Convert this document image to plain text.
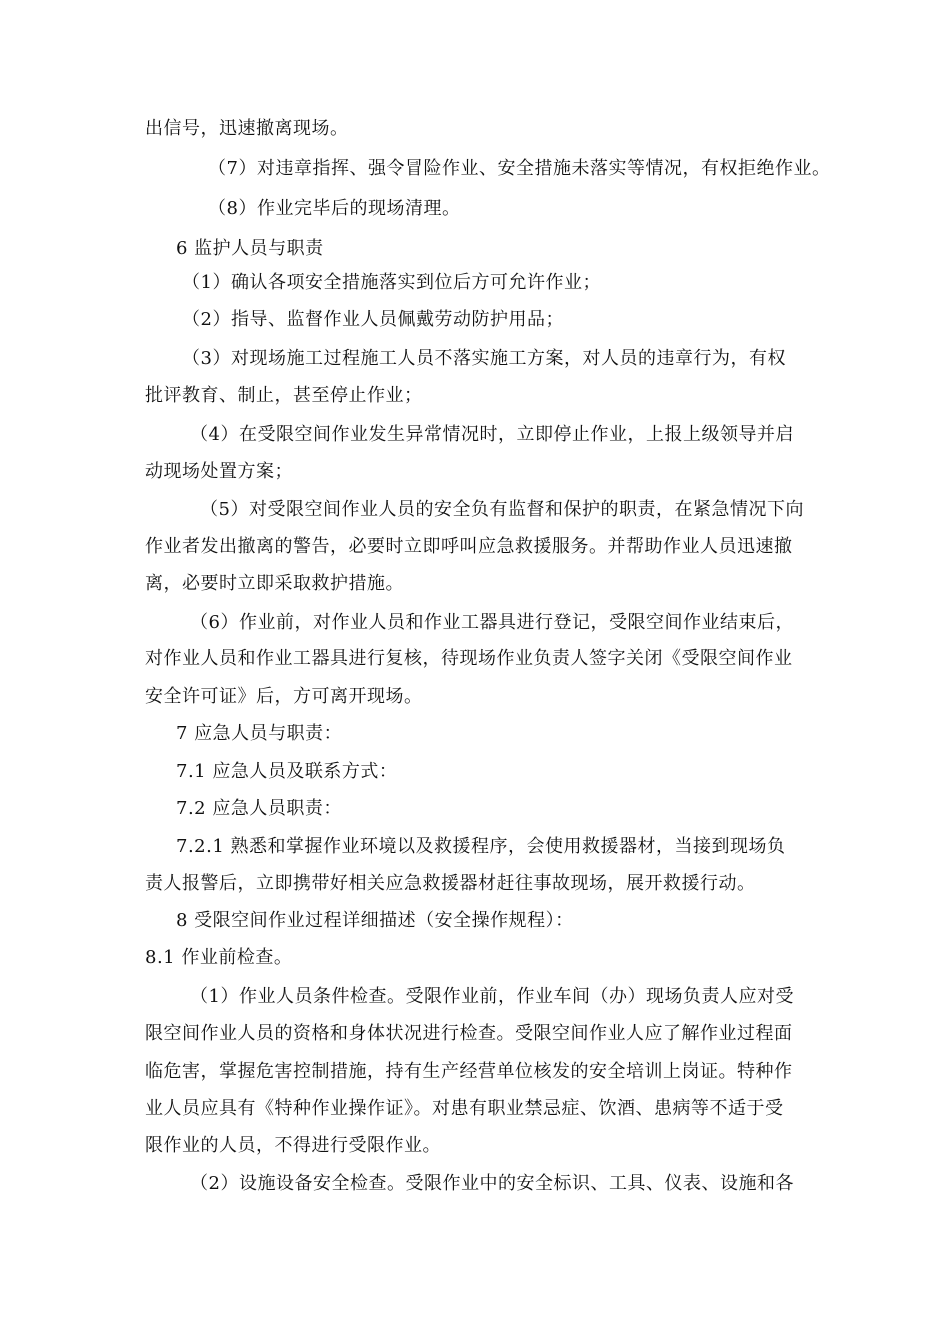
出信号，迅速撤离现场。
（7）对违章指挥、强令冒险作业、安全措施未落实等情况，有权拒绝作业。
（8）作业完毕后的现场清理。
6 监护人员与职责
（1）确认各项安全措施落实到位后方可允许作业；
（2）指导、监督作业人员佩戴劳动防护用品；
（3）对现场施工过程施工人员不落实施工方案，对人员的违章行为，有权
批评教育、制止，甚至停止作业；
（4）在受限空间作业发生异常情况时，立即停止作业，上报上级领导并启
动现场处置方案；
（5）对受限空间作业人员的安全负有监督和保护的职责，在紧急情况下向
作业者发出撤离的警告，必要时立即呼叫应急救援服务。并帮助作业人员迅速撤
离，必要时立即采取救护措施。
（6）作业前，对作业人员和作业工器具进行登记，受限空间作业结束后，
对作业人员和作业工器具进行复核，待现场作业负责人签字关闭《受限空间作业
安全许可证》后，方可离开现场。
7 应急人员与职责：
7.1 应急人员及联系方式：
7.2 应急人员职责：
7.2.1 熟悉和掌握作业环境以及救援程序，会使用救援器材，当接到现场负
责人报警后，立即携带好相关应急救援器材赶往事故现场，展开救援行动。
8 受限空间作业过程详细描述（安全操作规程）：
8.1 作业前检查。
（1）作业人员条件检查。受限作业前，作业车间（办）现场负责人应对受
限空间作业人员的资格和身体状况进行检查。受限空间作业人应了解作业过程面
临危害，掌握危害控制措施，持有生产经营单位核发的安全培训上岗证。特种作
业人员应具有《特种作业操作证》。对患有职业禁忌症、饮酒、患病等不适于受
限作业的人员，不得进行受限作业。
（2）设施设备安全检查。受限作业中的安全标识、工具、仪表、设施和各
